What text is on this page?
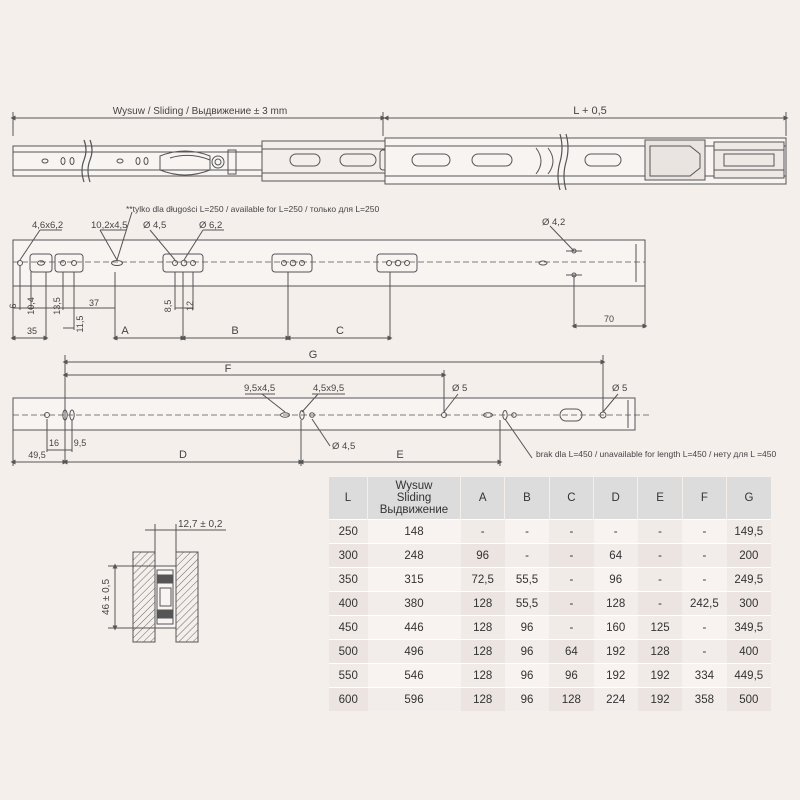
Wysuw / Sliding / Выдвижение ± 3 mm	L + 0,5
**tylko dla długości L=250 / available for L=250 / только для L=250
4,6x6,2	10,2x4,5 Ø 4,5	Ø 6,2	Ø 4,2
6 10,4 13,5	37	8,5 12
35	11,5	A	B	C
70
G
F
9,5x4,5	4,5x9,5	Ø 5	Ø 5
Ø 4,5
49,5
16 9,5
D	E	brak dla L=450 / unavailable for length L=450 / нету для L =450
12,7 ± 0,2
46 ± 0,5
L	Wysuw
Sliding
Выдвижение	A	B	C	D	E	F	G
250	148	-	-	-	-	-	-	149,5
300	248	96	-	-	64	-	-	200
350	315	72,5	55,5	-	96	-	-	249,5
400	380	128	55,5	-	128	-	242,5	300
450	446	128	96	-	160	125	-	349,5
500	496	128	96	64	192	128	-	400
550	546	128	96	96	192	192	334	449,5
600	596	128	96	128	224	192	358	500
